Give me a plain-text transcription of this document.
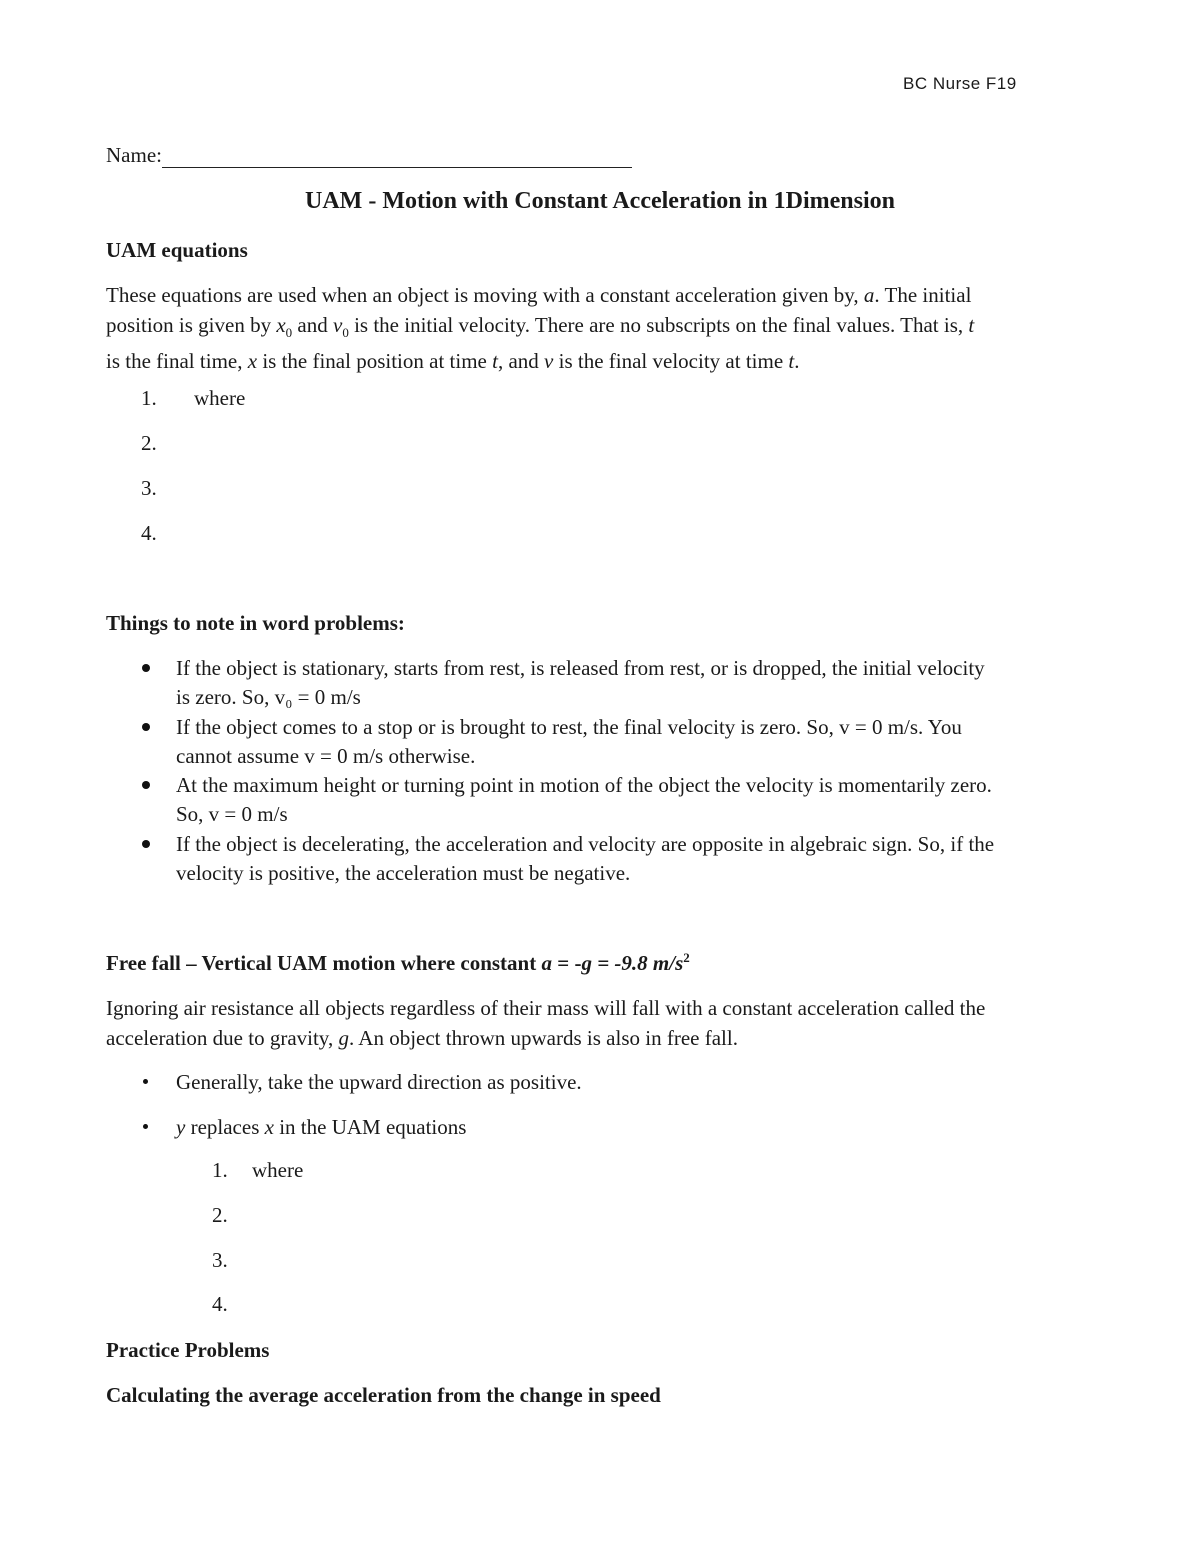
BC Nurse F19
Name:
UAM - Motion with Constant Acceleration in 1Dimension
UAM equations
These equations are used when an object is moving with a constant acceleration given by, a. The initial
position is given by $x_0$ and $v_0$ is the initial velocity. There are no subscripts on the final values. That is, t
is the final time, x is the final position at time t, and v is the final velocity at time t.
1. where
2.
3.
4.
Things to note in word problems:
If the object is stationary, starts from rest, is released from rest, or is dropped, the initial velocity
is zero. So, v₀ = 0 m/s
If the object comes to a stop or is brought to rest, the final velocity is zero. So, v = 0 m/s. You
cannot assume v = 0 m/s otherwise.
At the maximum height or turning point in motion of the object the velocity is momentarily zero.
So, v = 0 m/s
If the object is decelerating, the acceleration and velocity are opposite in algebraic sign. So, if the
velocity is positive, the acceleration must be negative.
Free fall – Vertical UAM motion where constant a = -g = -9.8 $m/s^2$
Ignoring air resistance all objects regardless of their mass will fall with a constant acceleration called the
acceleration due to gravity, g. An object thrown upwards is also in free fall.
Generally, take the upward direction as positive.
y replaces x in the UAM equations
1. where
2.
3.
4.
Practice Problems
Calculating the average acceleration from the change in speed
